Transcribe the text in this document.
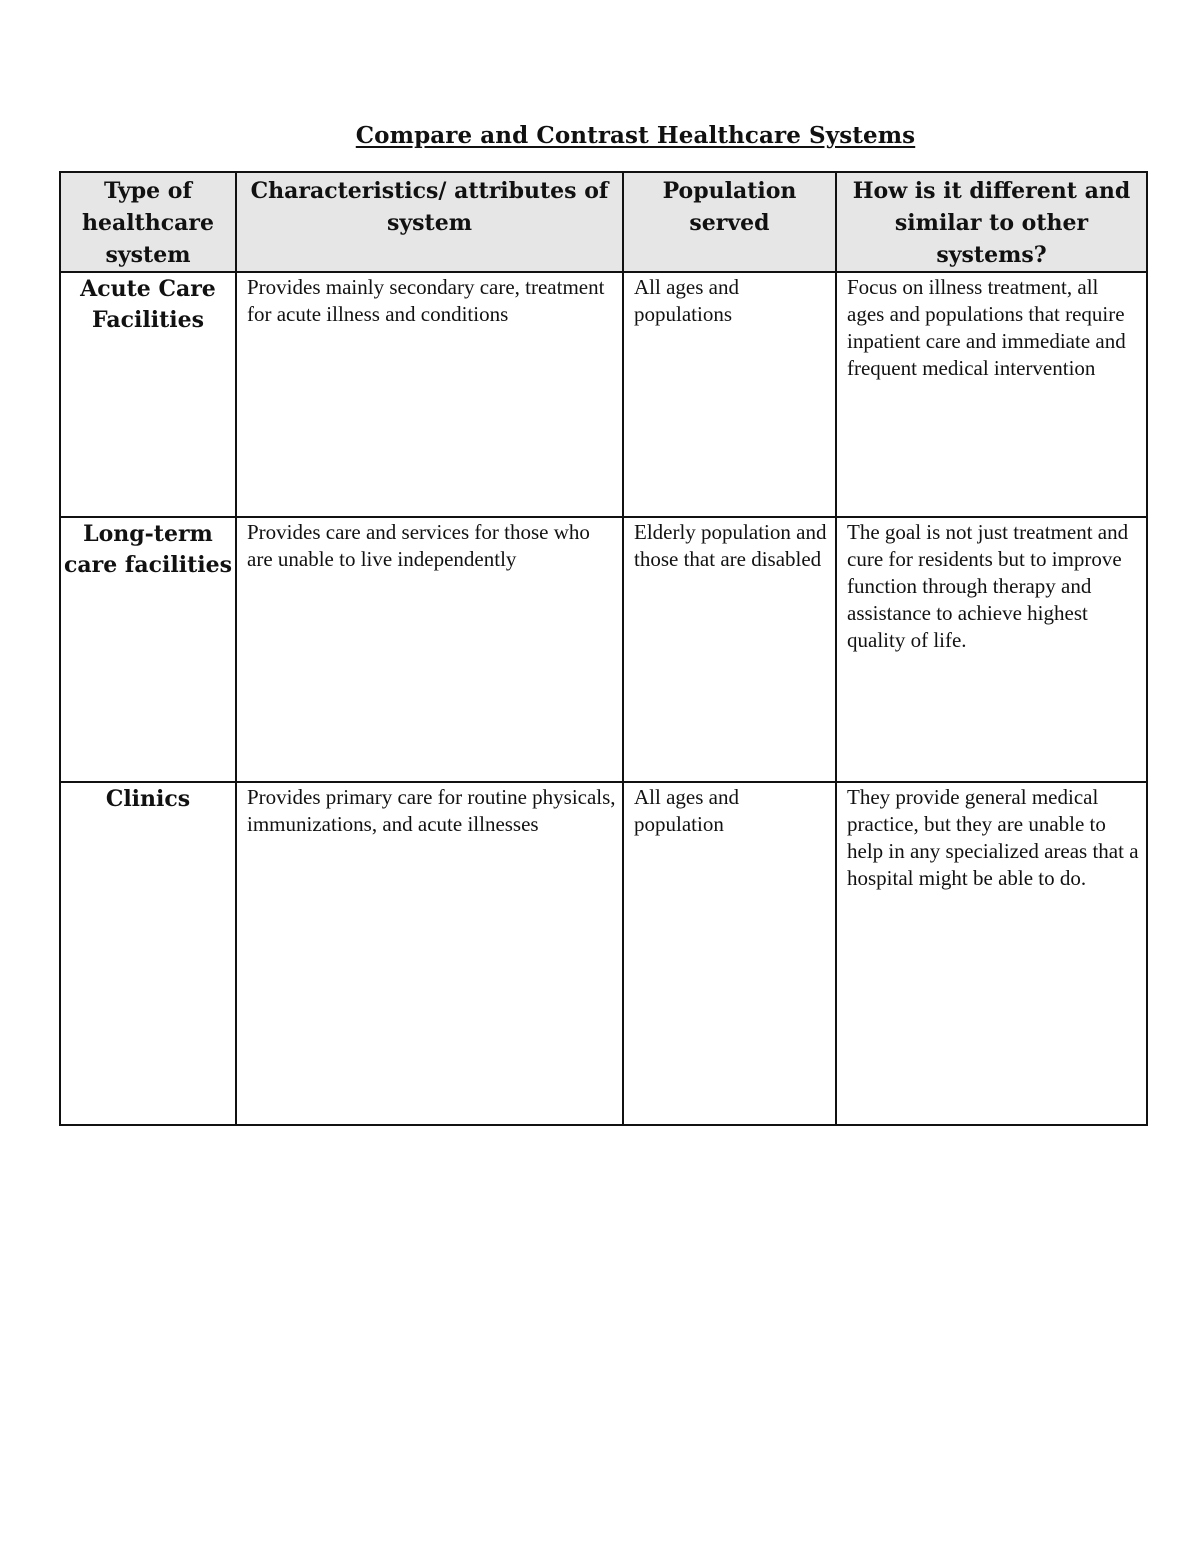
Compare and Contrast Healthcare Systems
Type of healthcare system	Characteristics/ attributes of system	Population served	How is it different and similar to other systems?
Acute Care Facilities	Provides mainly secondary care, treatment for acute illness and conditions	All ages and populations	Focus on illness treatment, all ages and populations that require inpatient care and immediate and frequent medical intervention

Long-term care facilities	Provides care and services for those who are unable to live independently	Elderly population and those that are disabled	The goal is not just treatment and cure for residents but to improve function through therapy and assistance to achieve highest quality of life.

Clinics	Provides primary care for routine physicals, immunizations, and acute illnesses	All ages and population	They provide general medical practice, but they are unable to help in any specialized areas that a hospital might be able to do.
